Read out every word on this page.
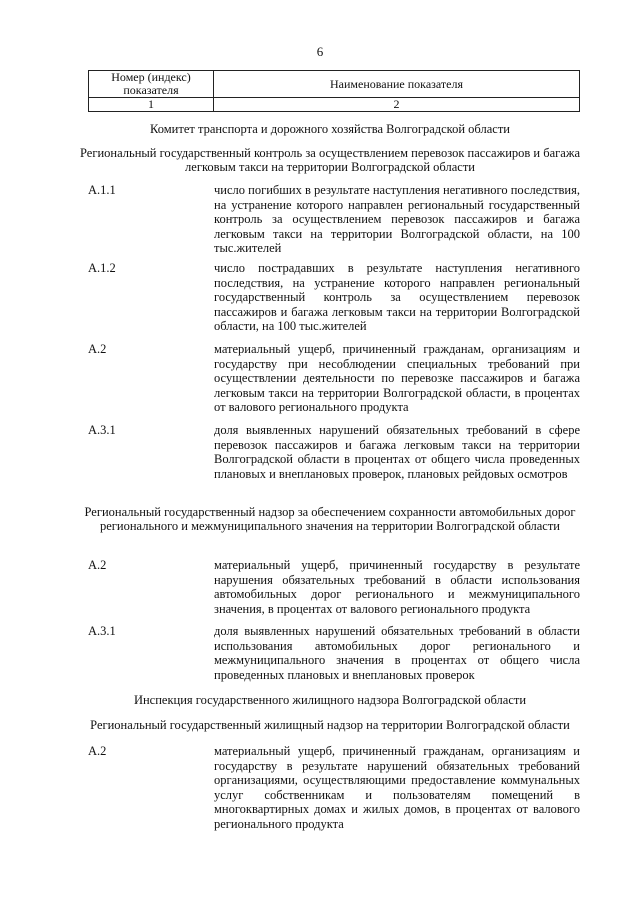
6
Номер (индекс) показателя	Наименование показателя
1	2
Комитет транспорта и дорожного хозяйства Волгоградской области
Региональный государственный контроль за осуществлением перевозок пассажиров и багажа легковым такси на территории Волгоградской области
А.1.1	число погибших в результате наступления негативного последствия, на устранение которого направлен региональный государственный контроль за осуществлением перевозок пассажиров и багажа легковым такси на территории Волгоградской области, на 100 тыс.жителей
А.1.2	число пострадавших в результате наступления негативного последствия, на устранение которого направлен региональный государственный контроль за осуществлением перевозок пассажиров и багажа легковым такси на территории Волгоградской области, на 100 тыс.жителей
А.2	материальный ущерб, причиненный гражданам, организациям и государству при несоблюдении специальных требований при осуществлении деятельности по перевозке пассажиров и багажа легковым такси на территории Волгоградской области, в процентах от валового регионального продукта
А.3.1	доля выявленных нарушений обязательных требований в сфере перевозок пассажиров и багажа легковым такси на территории Волгоградской области в процентах от общего числа проведенных плановых и внеплановых проверок, плановых рейдовых осмотров
Региональный государственный надзор за обеспечением сохранности автомобильных дорог регионального и межмуниципального значения на территории Волгоградской области
А.2	материальный ущерб, причиненный государству в результате нарушения обязательных требований в области использования автомобильных дорог регионального и межмуниципального значения, в процентах от валового регионального продукта
А.3.1	доля выявленных нарушений обязательных требований в области использования автомобильных дорог регионального и межмуниципального значения в процентах от общего числа проведенных плановых и внеплановых проверок
Инспекция государственного жилищного надзора Волгоградской области
Региональный государственный жилищный надзор на территории Волгоградской области
А.2	материальный ущерб, причиненный гражданам, организациям и государству в результате нарушений обязательных требований организациями, осуществляющими предоставление коммунальных услуг собственникам и пользователям помещений в многоквартирных домах и жилых домов, в процентах от валового регионального продукта
